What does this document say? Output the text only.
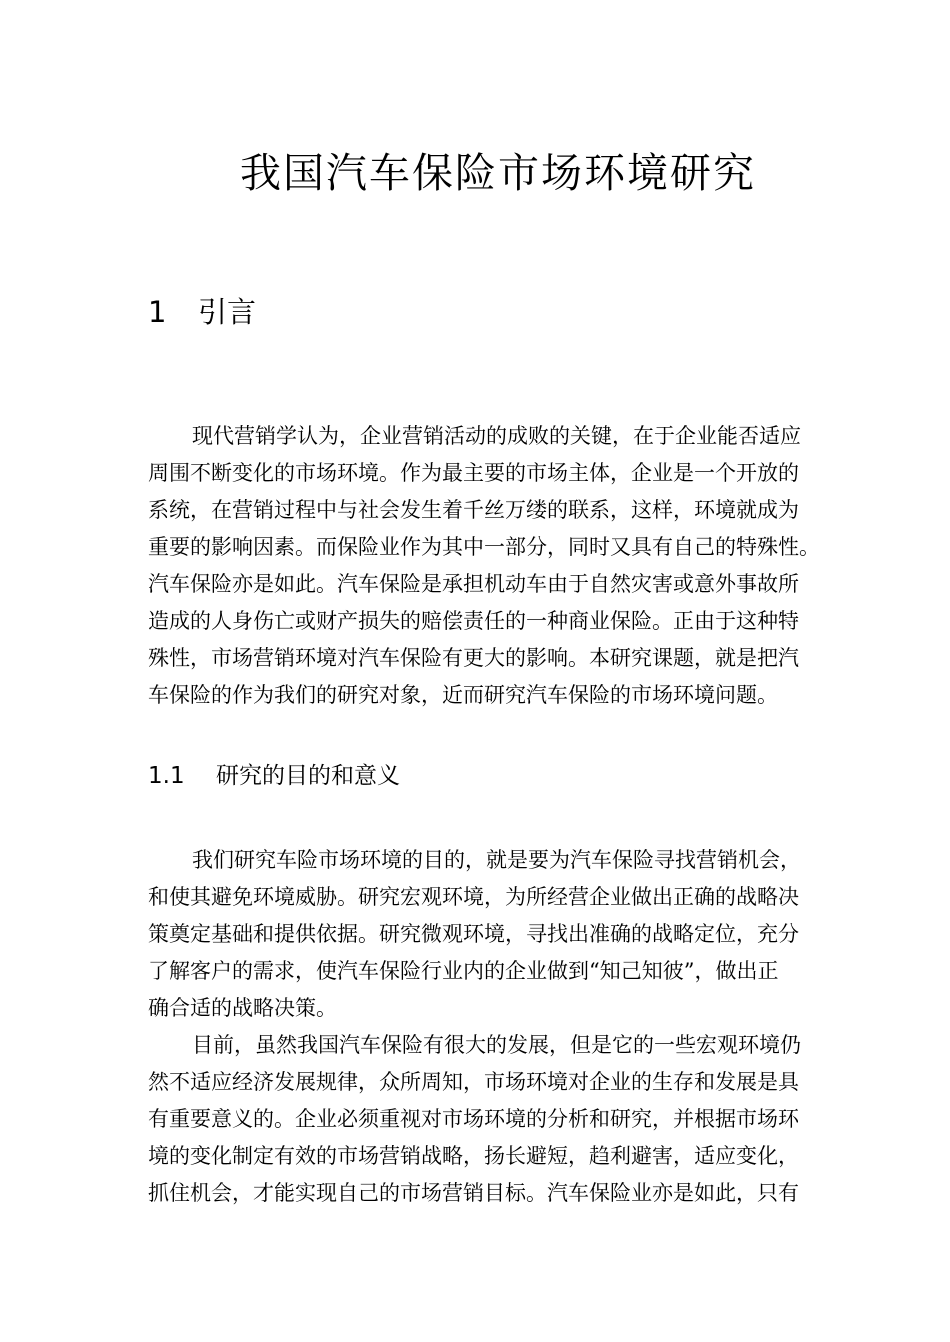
我国汽车保险市场环境研究
1 引言
现代营销学认为，企业营销活动的成败的关键，在于企业能否适应
周围不断变化的市场环境。作为最主要的市场主体，企业是一个开放的
系统，在营销过程中与社会发生着千丝万缕的联系，这样，环境就成为
重要的影响因素。而保险业作为其中一部分，同时又具有自己的特殊性。
汽车保险亦是如此。汽车保险是承担机动车由于自然灾害或意外事故所
造成的人身伤亡或财产损失的赔偿责任的一种商业保险。正由于这种特
殊性，市场营销环境对汽车保险有更大的影响。本研究课题，就是把汽
车保险的作为我们的研究对象，近而研究汽车保险的市场环境问题。
1.1 研究的目的和意义
我们研究车险市场环境的目的，就是要为汽车保险寻找营销机会，
和使其避免环境威胁。研究宏观环境，为所经营企业做出正确的战略决
策奠定基础和提供依据。研究微观环境，寻找出准确的战略定位，充分
了解客户的需求，使汽车保险行业内的企业做到“知己知彼”，做出正
确合适的战略决策。
目前，虽然我国汽车保险有很大的发展，但是它的一些宏观环境仍
然不适应经济发展规律，众所周知，市场环境对企业的生存和发展是具
有重要意义的。企业必须重视对市场环境的分析和研究，并根据市场环
境的变化制定有效的市场营销战略，扬长避短，趋利避害，适应变化，
抓住机会，才能实现自己的市场营销目标。汽车保险业亦是如此，只有
